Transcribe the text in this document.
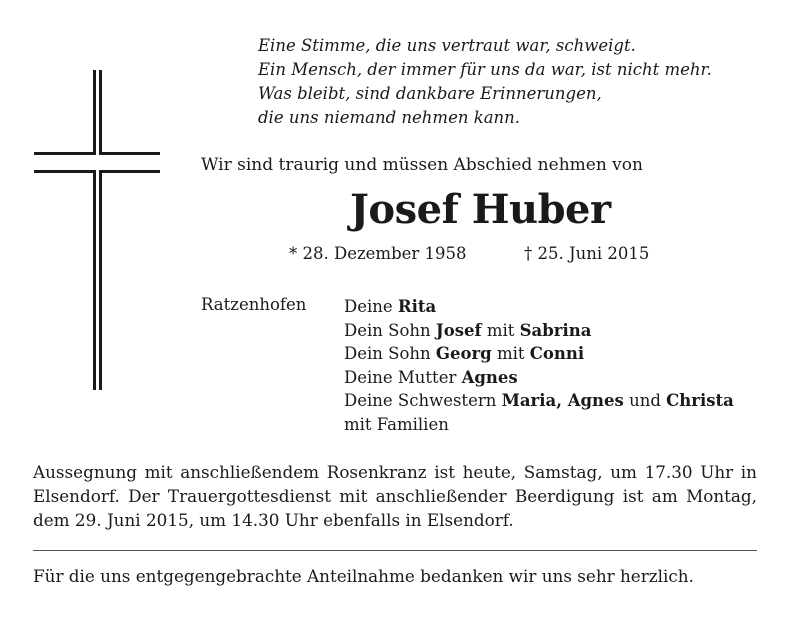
Eine Stimme, die uns vertraut war, schweigt.
Ein Mensch, der immer für uns da war, ist nicht mehr.
Was bleibt, sind dankbare Erinnerungen,
die uns niemand nehmen kann.
Wir sind traurig und müssen Abschied nehmen von
Josef Huber
* 28. Dezember 1958	† 25. Juni 2015
Ratzenhofen Deine Rita
Dein Sohn Josef mit Sabrina
Dein Sohn Georg mit Conni
Deine Mutter Agnes
Deine Schwestern Maria, Agnes und Christa
mit Familien
Aussegnung mit anschließendem Rosenkranz ist heute, Samstag, um 17.30 Uhr in Elsendorf. Der Trauergottesdienst mit anschließender Beerdigung ist am Montag, dem 29. Juni 2015, um 14.30 Uhr ebenfalls in Elsendorf.
Für die uns entgegengebrachte Anteilnahme bedanken wir uns sehr herzlich.
